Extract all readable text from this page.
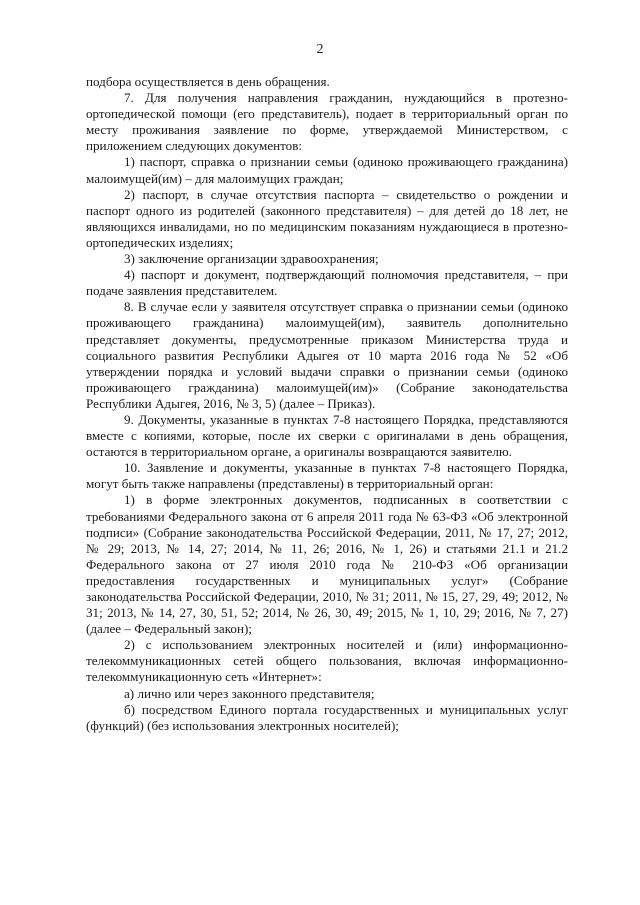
2

подбора осуществляется в день обращения.

7. Для получения направления гражданин, нуждающийся в протезно-ортопедической помощи (его представитель), подает в территориальный орган по месту проживания заявление по форме, утверждаемой Министерством, с приложением следующих документов:

1) паспорт, справка о признании семьи (одиноко проживающего гражданина) малоимущей(им) – для малоимущих граждан;

2) паспорт, в случае отсутствия паспорта – свидетельство о рождении и паспорт одного из родителей (законного представителя) – для детей до 18 лет, не являющихся инвалидами, но по медицинским показаниям нуждающиеся в протезно-ортопедических изделиях;

3) заключение организации здравоохранения;

4) паспорт и документ, подтверждающий полномочия представителя, – при подаче заявления представителем.

8. В случае если у заявителя отсутствует справка о признании семьи (одиноко проживающего гражданина) малоимущей(им), заявитель дополнительно представляет документы, предусмотренные приказом Министерства труда и социального развития Республики Адыгея от 10 марта 2016 года № 52 «Об утверждении порядка и условий выдачи справки о признании семьи (одиноко проживающего гражданина) малоимущей(им)» (Собрание законодательства Республики Адыгея, 2016, № 3, 5) (далее – Приказ).

9. Документы, указанные в пунктах 7-8 настоящего Порядка, представляются вместе с копиями, которые, после их сверки с оригиналами в день обращения, остаются в территориальном органе, а оригиналы возвращаются заявителю.

10. Заявление и документы, указанные в пунктах 7-8 настоящего Порядка, могут быть также направлены (представлены) в территориальный орган:

1) в форме электронных документов, подписанных в соответствии с требованиями Федерального закона от 6 апреля 2011 года № 63-ФЗ «Об электронной подписи» (Собрание законодательства Российской Федерации, 2011, № 17, 27; 2012, № 29; 2013, № 14, 27; 2014, № 11, 26; 2016, № 1, 26) и статьями 21.1 и 21.2 Федерального закона от 27 июля 2010 года № 210-ФЗ «Об организации предоставления государственных и муниципальных услуг» (Собрание законодательства Российской Федерации, 2010, № 31; 2011, № 15, 27, 29, 49; 2012, № 31; 2013, № 14, 27, 30, 51, 52; 2014, № 26, 30, 49; 2015, № 1, 10, 29; 2016, № 7, 27) (далее – Федеральный закон);

2) с использованием электронных носителей и (или) информационно-телекоммуникационных сетей общего пользования, включая информационно-телекоммуникационную сеть «Интернет»:

а) лично или через законного представителя;

б) посредством Единого портала государственных и муниципальных услуг (функций) (без использования электронных носителей);
